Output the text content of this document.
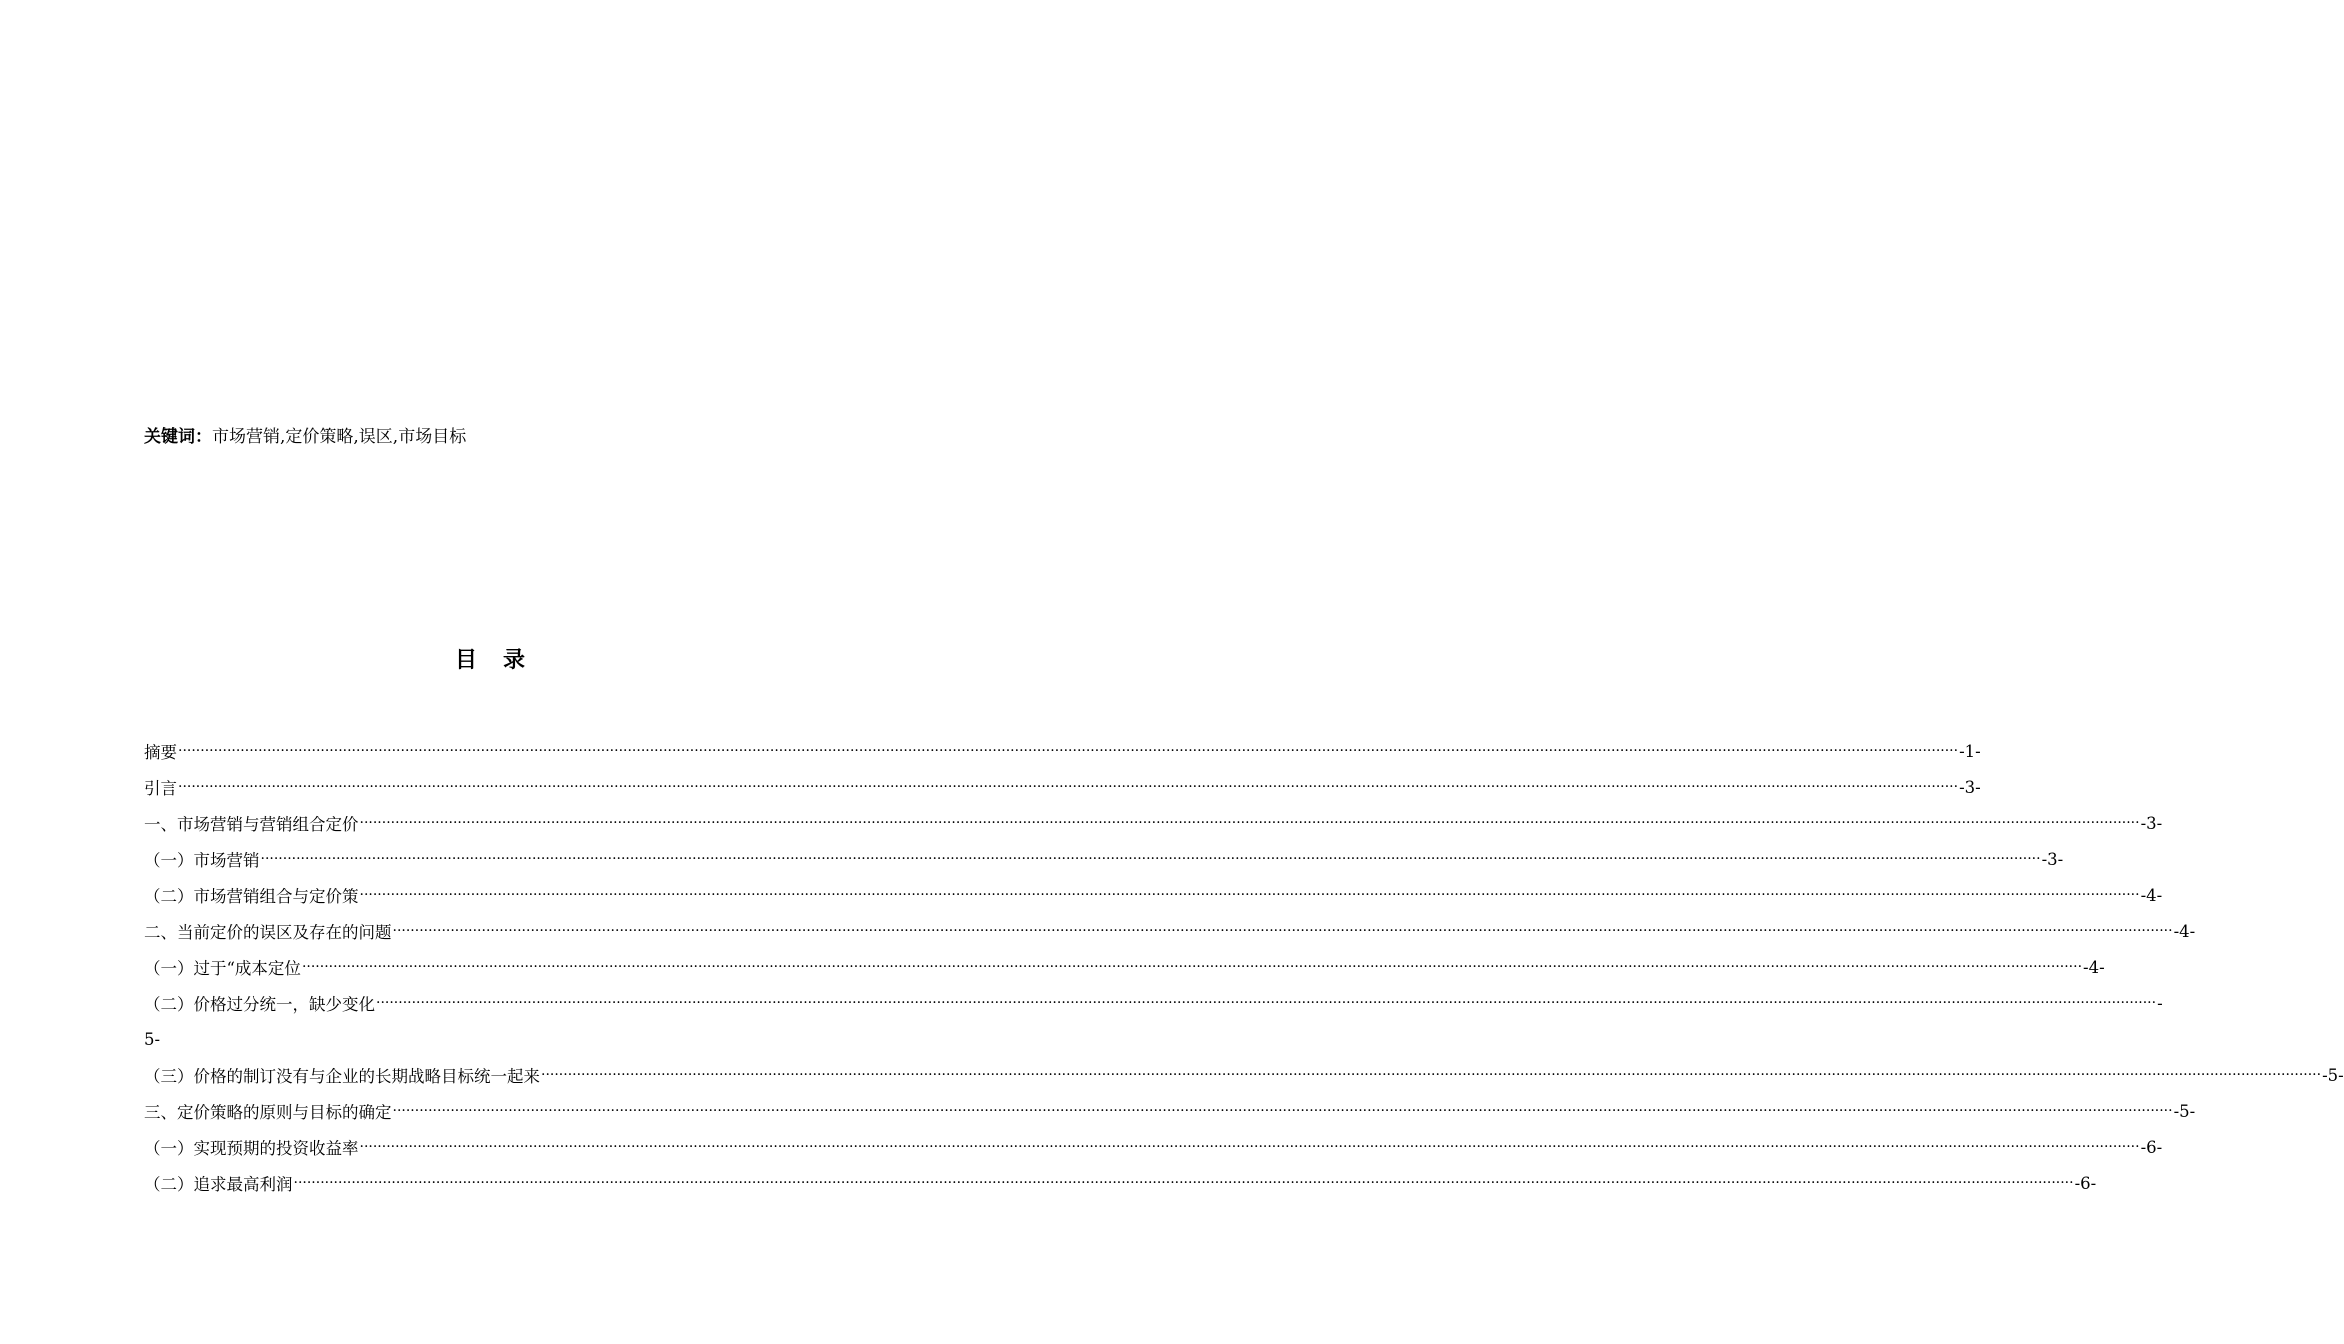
关键词：市场营销,定价策略,误区,市场目标
目录
摘要 ················································································································································································································································································································································································································ -1-
引言 ················································································································································································································································································································································································································ -3-
一、市场营销与营销组合定价 ················································································································································································································································································································································································································ -3-
（一）市场营销 ················································································································································································································································································································································································································ -3-
（二）市场营销组合与定价策 ················································································································································································································································································································································································································ -4-
二、当前定价的误区及存在的问题 ················································································································································································································································································································································································································ -4-
（一）过于“成本定位 ················································································································································································································································································································································································································ -4-
（二）价格过分统一，缺少变化 ················································································································································································································································································································································································································ -
5-
（三）价格的制订没有与企业的长期战略目标统一起来 ················································································································································································································································································································································································································ -5-
三、定价策略的原则与目标的确定 ················································································································································································································································································································································································································ -5-
（一）实现预期的投资收益率 ················································································································································································································································································································································································································ -6-
（二）追求最高利润 ················································································································································································································································································································································································································ -6-
